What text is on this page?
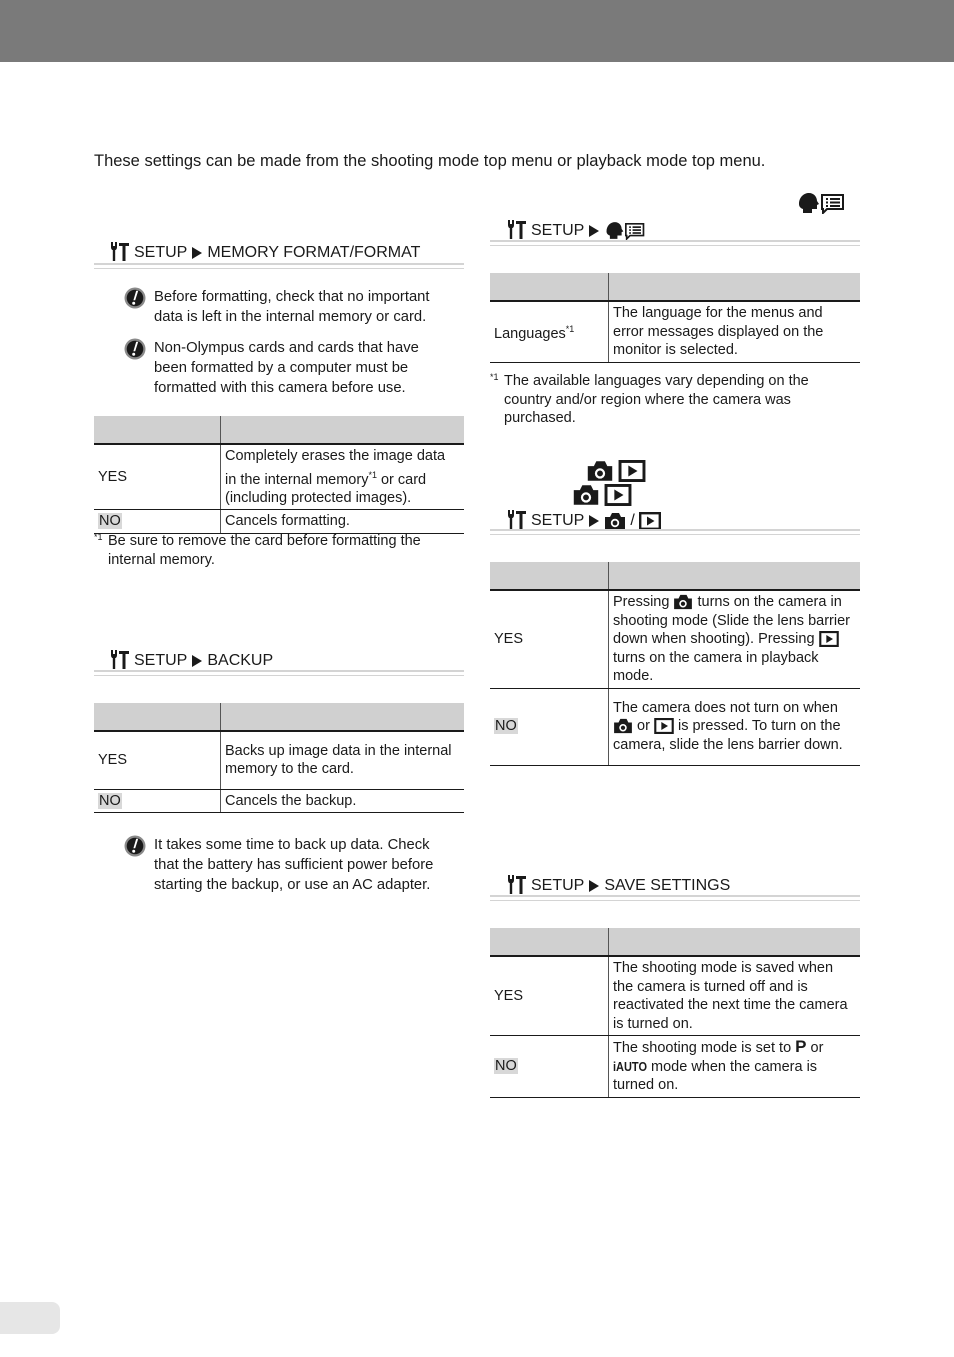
These settings can be made from the shooting mode top menu or playback mode top menu.
SETUP MEMORY FORMAT/FORMAT
Before formatting, check that no important data is left in the internal memory or card.
Non-Olympus cards and cards that have been formatted by a computer must be formatted with this camera before use.

YES	Completely erases the image data in the internal memory$^{*1}$ or card (including protected images).
NO	Cancels formatting.
*1 Be sure to remove the card before formatting the internal memory.
SETUP BACKUP

YES	Backs up image data in the internal memory to the card.
NO	Cancels the backup.
It takes some time to back up data. Check that the battery has sufficient power before starting the backup, or use an AC adapter.
SETUP

Languages$^{*1}$	The language for the menus and error messages displayed on the monitor is selected.
*1 The available languages vary depending on the country and/or region where the camera was purchased.
SETUP	/

YES	Pressing  turns on the camera in shooting mode (Slide the lens barrier down when shooting). Pressing  turns on the camera in playback mode.
NO	The camera does not turn on when  or  is pressed. To turn on the camera, slide the lens barrier down.
SETUP SAVE SETTINGS

YES	The shooting mode is saved when the camera is turned off and is reactivated the next time the camera is turned on.
NO	The shooting mode is set to P or  mode when the camera is turned on.
